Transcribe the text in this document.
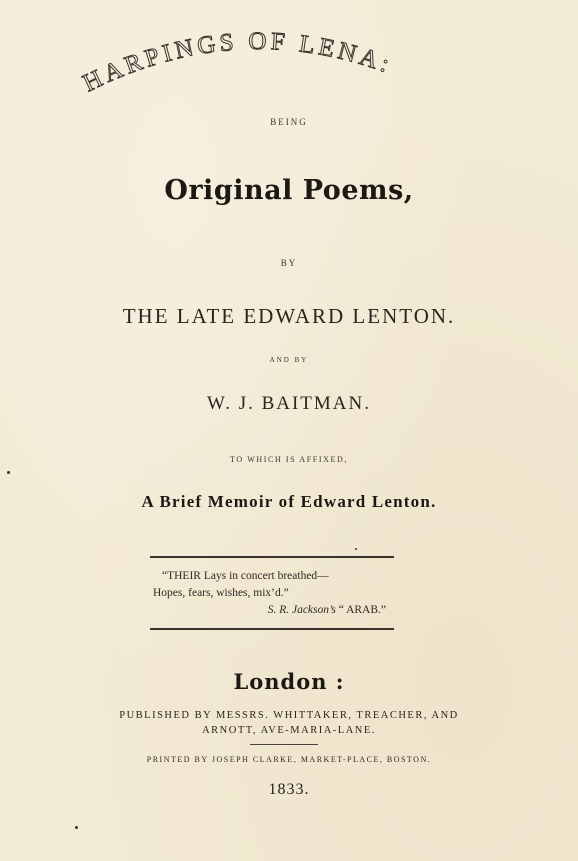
HARPINGS OF LENA:
BEING
Original Poems,
BY
THE LATE EDWARD LENTON.
AND BY
W. J. BAITMAN.
TO WHICH IS AFFIXED,
A Brief Memoir of Edward Lenton.
“THEIR Lays in concert breathed—
Hopes, fears, wishes, mix’d.”
S. R. Jackson’s “ ARAB.”
London :
PUBLISHED BY MESSRS. WHITTAKER, TREACHER, AND
ARNOTT, AVE-MARIA-LANE.
PRINTED BY JOSEPH CLARKE, MARKET-PLACE, BOSTON.
1833.
